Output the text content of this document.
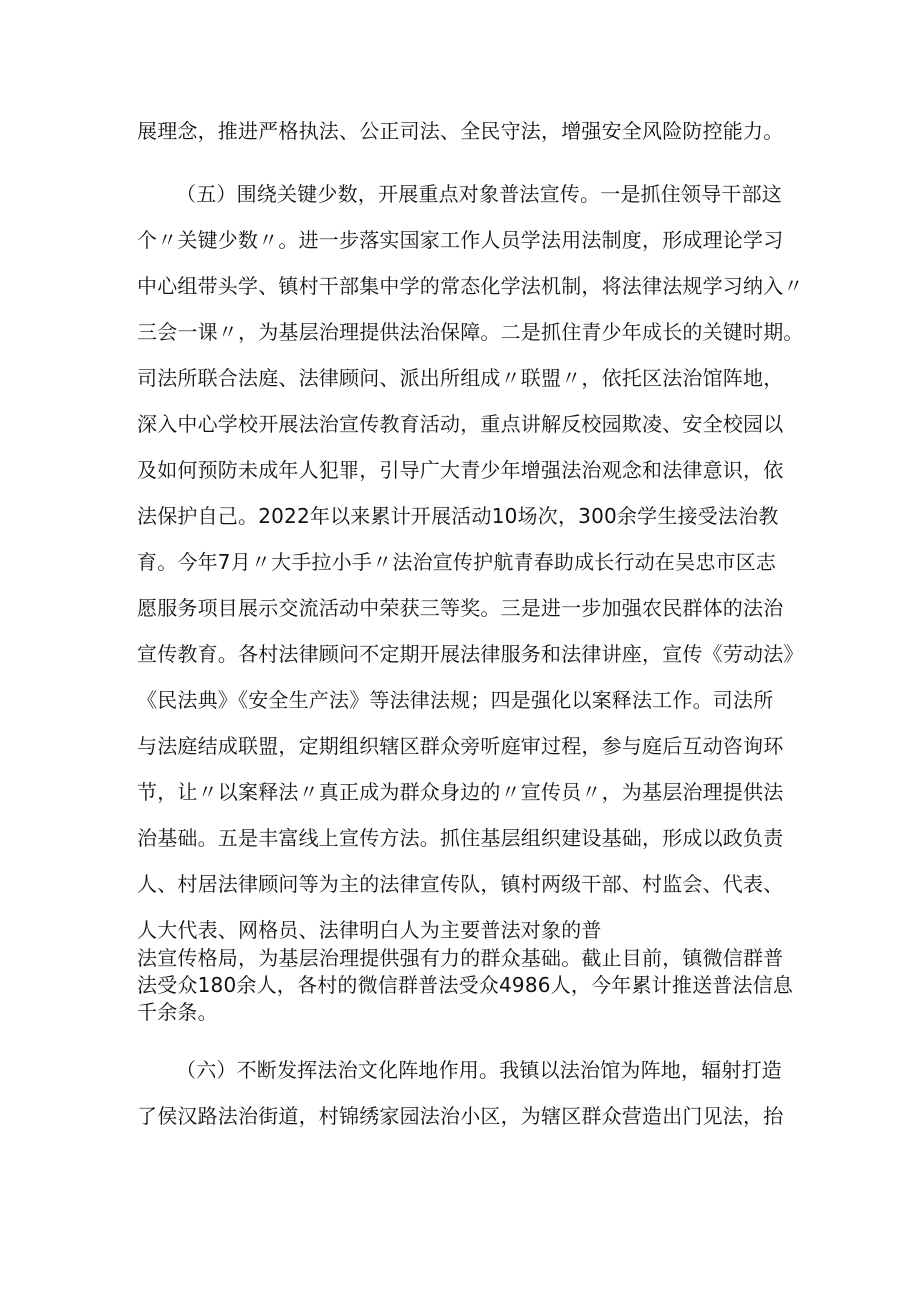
展理念，推进严格执法、公正司法、全民守法，增强安全风险防控能力。
（五）围绕关键少数，开展重点对象普法宣传。一是抓住领导干部这
个〃关键少数〃。进一步落实国家工作人员学法用法制度，形成理论学习
中心组带头学、镇村干部集中学的常态化学法机制，将法律法规学习纳入〃
三会一课〃，为基层治理提供法治保障。二是抓住青少年成长的关键时期。
司法所联合法庭、法律顾问、派出所组成〃联盟〃，依托区法治馆阵地，
深入中心学校开展法治宣传教育活动，重点讲解反校园欺凌、安全校园以
及如何预防未成年人犯罪，引导广大青少年增强法治观念和法律意识，依
法保护自己。2022年以来累计开展活动10场次，300余学生接受法治教
育。今年7月〃大手拉小手〃法治宣传护航青春助成长行动在吴忠市区志
愿服务项目展示交流活动中荣获三等奖。三是进一步加强农民群体的法治
宣传教育。各村法律顾问不定期开展法律服务和法律讲座，宣传《劳动法》
《民法典》《安全生产法》等法律法规；四是强化以案释法工作。司法所
与法庭结成联盟，定期组织辖区群众旁听庭审过程，参与庭后互动咨询环
节，让〃以案释法〃真正成为群众身边的〃宣传员〃，为基层治理提供法
治基础。五是丰富线上宣传方法。抓住基层组织建设基础，形成以政负责
人、村居法律顾问等为主的法律宣传队，镇村两级干部、村监会、代表、
人大代表、网格员、法律明白人为主要普法对象的普
法宣传格局，为基层治理提供强有力的群众基础。截止目前，镇微信群普
法受众180余人，各村的微信群普法受众4986人，今年累计推送普法信息
千余条。
（六）不断发挥法治文化阵地作用。我镇以法治馆为阵地，辐射打造
了侯汉路法治街道，村锦绣家园法治小区，为辖区群众营造出门见法，抬
